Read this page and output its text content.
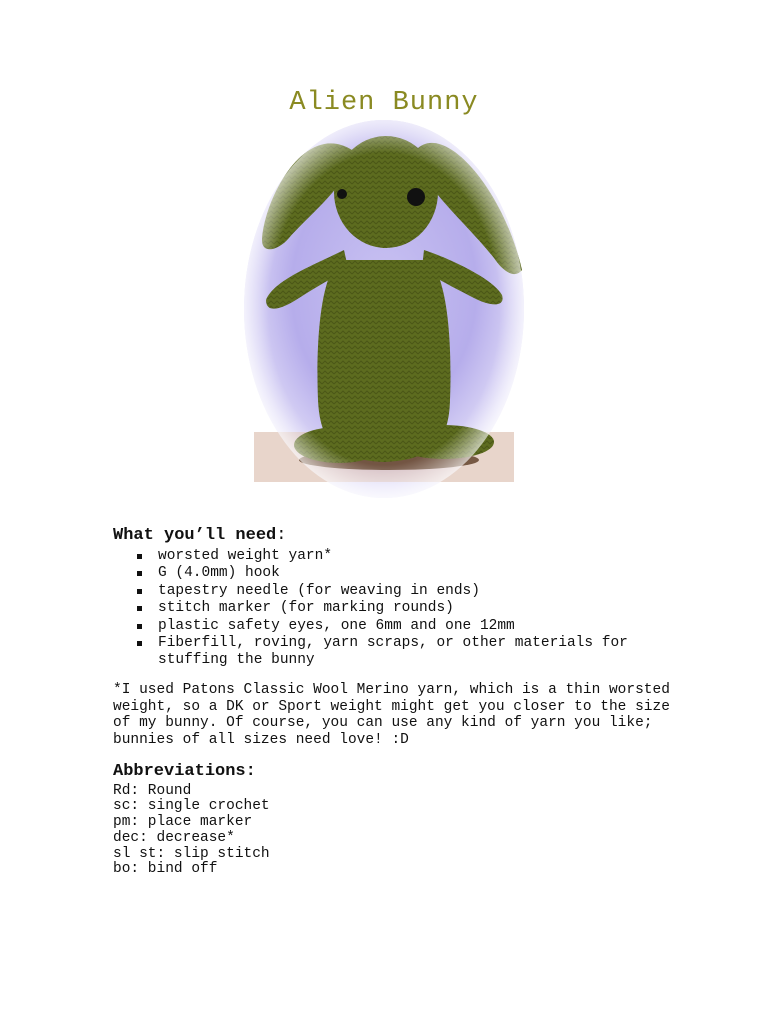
Alien Bunny
What you’ll need:
worsted weight yarn*
G (4.0mm) hook
tapestry needle (for weaving in ends)
stitch marker (for marking rounds)
plastic safety eyes, one 6mm and one 12mm
Fiberfill, roving, yarn scraps, or other materials for stuffing the bunny

*I used Patons Classic Wool Merino yarn, which is a thin worsted weight, so a DK or Sport weight might get you closer to the size of my bunny. Of course, you can use any kind of yarn you like; bunnies of all sizes need love! :D

Abbreviations:
Rd: Round
sc: single crochet
pm: place marker
dec: decrease*
sl st: slip stitch
bo: bind off
